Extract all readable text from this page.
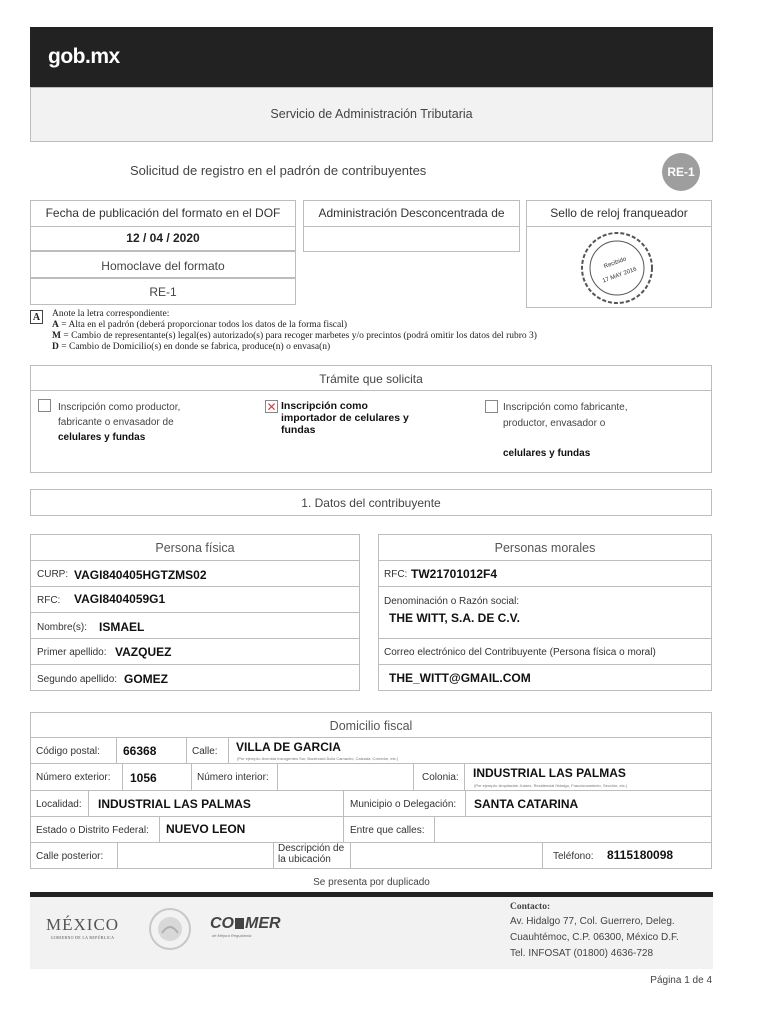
gob.mx
Servicio de Administración Tributaria
Solicitud de registro en el padrón de contribuyentes	RE-1
Fecha de publicación del formato en el DOF
12 / 04 / 2020
Homoclave del formato
RE-1
Administración Desconcentrada de	Sello de reloj franqueador
Recibido
17 MAY 2016
A	Anote la letra correspondiente:
A = Alta en el padrón (deberá proporcionar todos los datos de la forma fiscal)
M = Cambio de representante(s) legal(es) autorizado(s) para recoger marbetes y/o precintos (podrá omitir los datos del rubro 3)
D = Cambio de Domicilio(s) en donde se fabrica, produce(n) o envasa(n)
Trámite que solicita
Inscripción como productor,
fabricante o envasador de
celulares y fundas
✕ Inscripción como
importador de celulares y
fundas
Inscripción como fabricante,
productor, envasador o
celulares y fundas
1. Datos del contribuyente
Persona física
CURP: VAGI840405HGTZMS02
RFC: VAGI8404059G1
Nombre(s): ISMAEL
Primer apellido: VAZQUEZ
Segundo apellido: GOMEZ
Personas morales
RFC: TW21701012F4
Denominación o Razón social:
THE WITT, S.A. DE C.V.
Correo electrónico del Contribuyente (Persona física o moral)
THE_WITT@GMAIL.COM
Domicilio fiscal
Código postal: 66368	Calle: VILLA DE GARCIA
(Por ejemplo: Avenida Insurgentes Sur, Boulevard Ávila Camacho, Calzada, Corredor, etc.)
Número exterior: 1056	Número interior:	Colonia: INDUSTRIAL LAS PALMAS
(Por ejemplo: Ampliación Juárez, Residencial Hidalgo, Fraccionamiento, Sección, etc.)
Localidad: INDUSTRIAL LAS PALMAS	Municipio o Delegación: SANTA CATARINA
Estado o Distrito Federal: NUEVO LEON	Entre que calles:
Calle posterior:
Descripción de
la ubicación	Teléfono: 8115180098
Se presenta por duplicado
MÉXICO
GOBIERNO DE LA REPÚBLICA
CO MER
de Mejora Regulatoria
Contacto:
Av. Hidalgo 77, Col. Guerrero, Deleg.
Cuauhtémoc, C.P. 06300, México D.F.
Tel. INFOSAT (01800) 4636-728
Página 1 de 4
